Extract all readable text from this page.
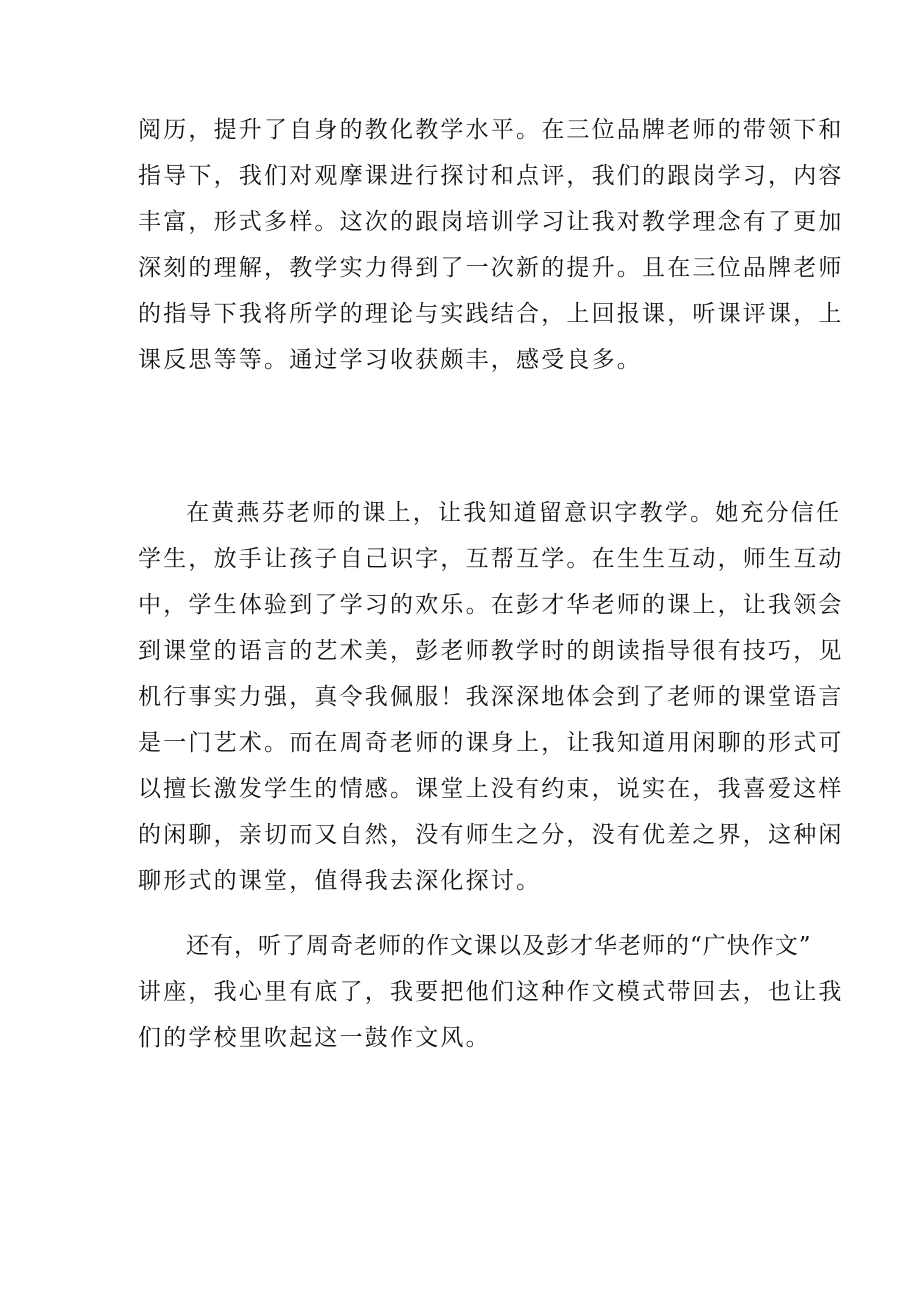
阅历，提升了自身的教化教学水平。在三位品牌老师的带领下和
指导下，我们对观摩课进行探讨和点评，我们的跟岗学习，内容
丰富，形式多样。这次的跟岗培训学习让我对教学理念有了更加
深刻的理解，教学实力得到了一次新的提升。且在三位品牌老师
的指导下我将所学的理论与实践结合，上回报课，听课评课，上
课反思等等。通过学习收获颇丰，感受良多。
在黄燕芬老师的课上，让我知道留意识字教学。她充分信任
学生，放手让孩子自己识字，互帮互学。在生生互动，师生互动
中，学生体验到了学习的欢乐。在彭才华老师的课上，让我领会
到课堂的语言的艺术美，彭老师教学时的朗读指导很有技巧，见
机行事实力强，真令我佩服！我深深地体会到了老师的课堂语言
是一门艺术。而在周奇老师的课身上，让我知道用闲聊的形式可
以擅长激发学生的情感。课堂上没有约束，说实在，我喜爱这样
的闲聊，亲切而又自然，没有师生之分，没有优差之界，这种闲
聊形式的课堂，值得我去深化探讨。
还有，听了周奇老师的作文课以及彭才华老师的“广快作文”
讲座，我心里有底了，我要把他们这种作文模式带回去，也让我
们的学校里吹起这一鼓作文风。
